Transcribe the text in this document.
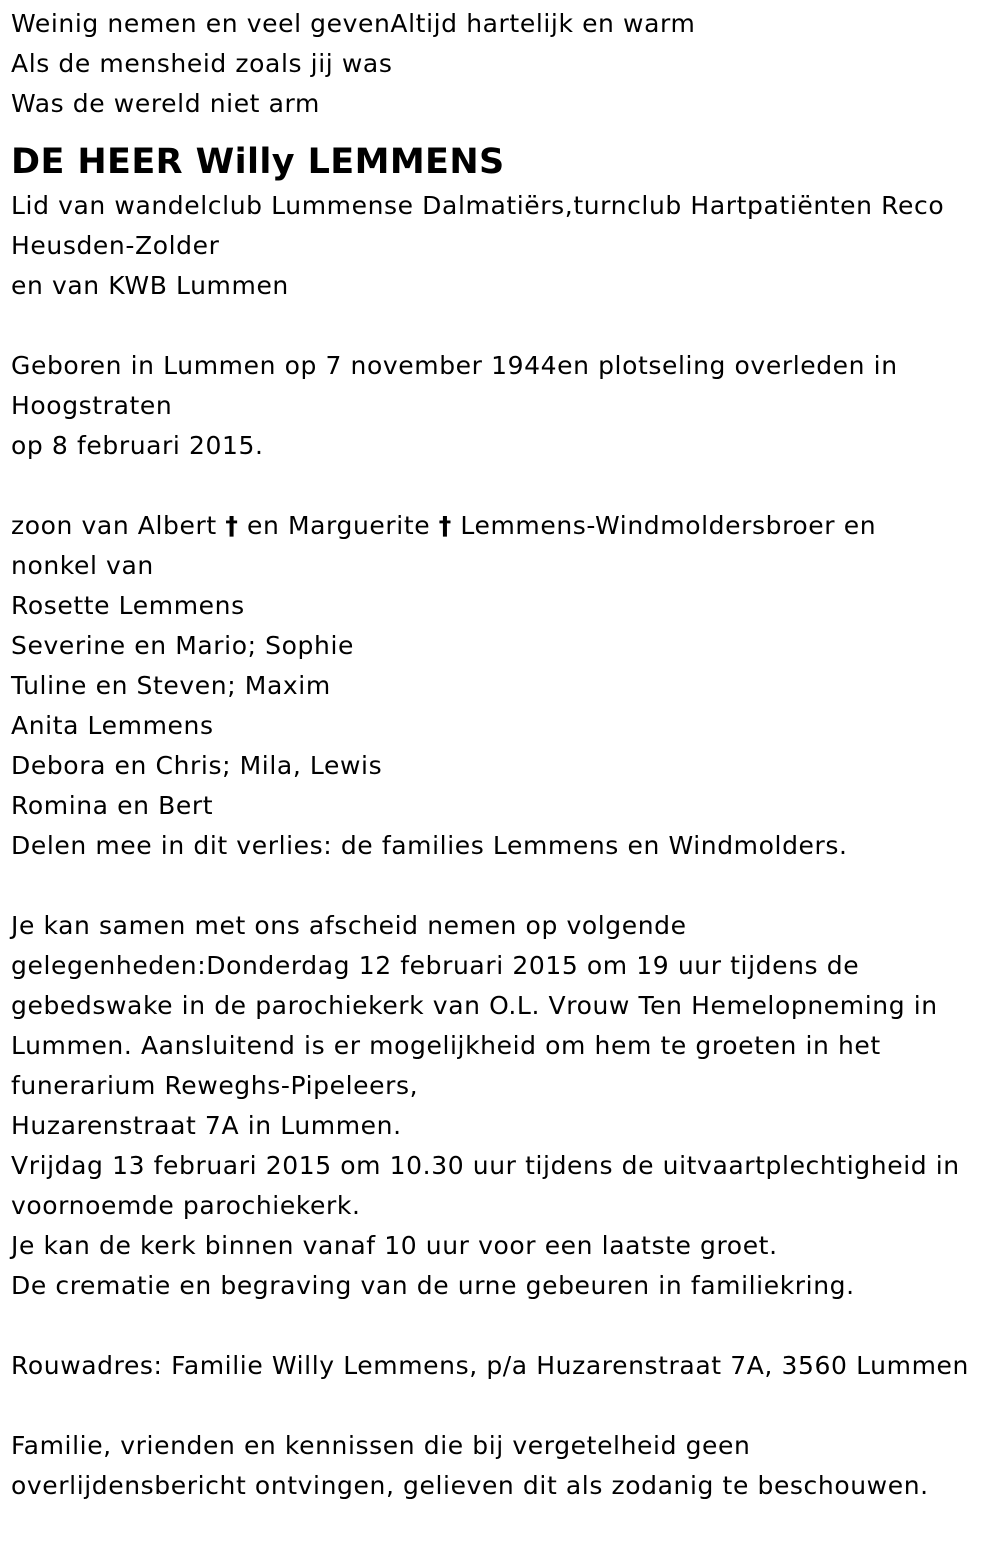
Weinig nemen en veel gevenAltijd hartelijk en warm
Als de mensheid zoals jij was
Was de wereld niet arm
DE HEER Willy LEMMENS
Lid van wandelclub Lummense Dalmatiërs,turnclub Hartpatiënten Reco
Heusden-Zolder
en van KWB Lummen
Geboren in Lummen op 7 november 1944en plotseling overleden in
Hoogstraten
op 8 februari 2015.
zoon van Albert † en Marguerite † Lemmens-Windmoldersbroer en
nonkel van
Rosette Lemmens
Severine en Mario; Sophie
Tuline en Steven; Maxim
Anita Lemmens
Debora en Chris; Mila, Lewis
Romina en Bert
Delen mee in dit verlies: de families Lemmens en Windmolders.
Je kan samen met ons afscheid nemen op volgende
gelegenheden:Donderdag 12 februari 2015 om 19 uur tijdens de
gebedswake in de parochiekerk van O.L. Vrouw Ten Hemelopneming in
Lummen. Aansluitend is er mogelijkheid om hem te groeten in het
funerarium Reweghs-Pipeleers,
Huzarenstraat 7A in Lummen.
Vrijdag 13 februari 2015 om 10.30 uur tijdens de uitvaartplechtigheid in
voornoemde parochiekerk.
Je kan de kerk binnen vanaf 10 uur voor een laatste groet.
De crematie en begraving van de urne gebeuren in familiekring.
Rouwadres: Familie Willy Lemmens, p/a Huzarenstraat 7A, 3560 Lummen
Familie, vrienden en kennissen die bij vergetelheid geen
overlijdensbericht ontvingen, gelieven dit als zodanig te beschouwen.
